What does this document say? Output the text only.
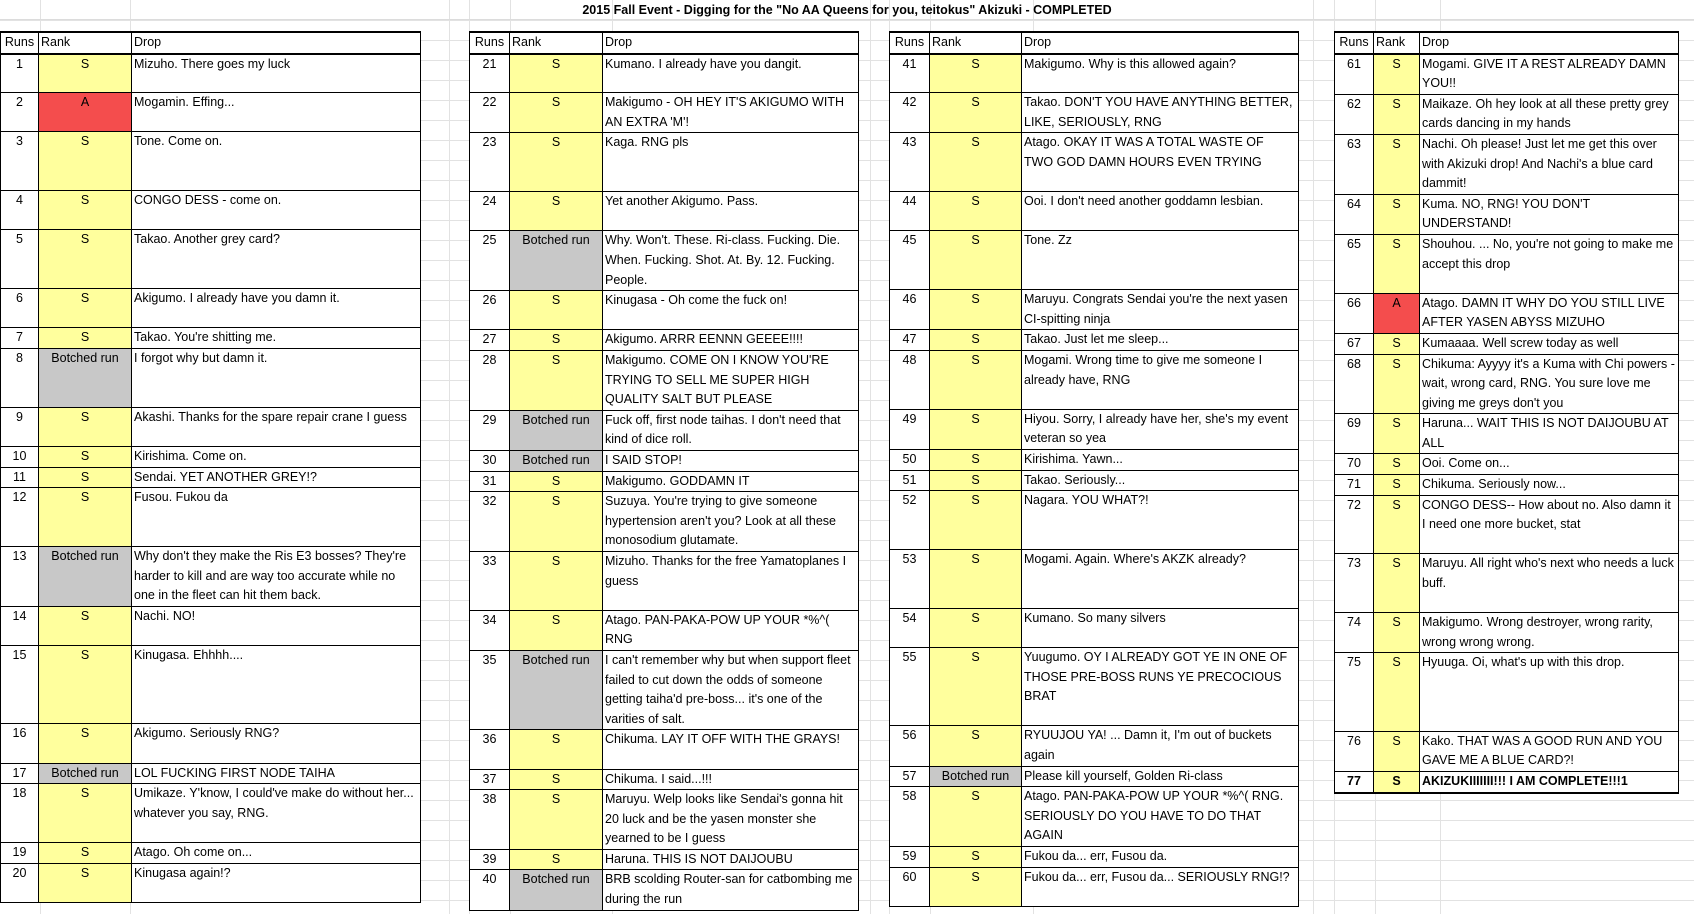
2015 Fall Event - Digging for the "No AA Queens for you, teitokus" Akizuki - COMPLETED
Runs	Rank	Drop
1	S	Mizuho. There goes my luck
2	A	Mogamin. Effing...
3	S	Tone. Come on.
4	S	CONGO DESS - come on.
5	S	Takao. Another grey card?
6	S	Akigumo. I already have you damn it.
7	S	Takao. You're shitting me.
8	Botched run	I forgot why but damn it.
9	S	Akashi. Thanks for the spare repair crane I guess
10	S	Kirishima. Come on.
11	S	Sendai. YET ANOTHER GREY!?
12	S	Fusou. Fukou da
13	Botched run	Why don't they make the Ris E3 bosses? They're harder to kill and are way too accurate while no one in the fleet can hit them back.
14	S	Nachi. NO!
15	S	Kinugasa. Ehhhh....
16	S	Akigumo. Seriously RNG?
17	Botched run	LOL FUCKING FIRST NODE TAIHA
18	S	Umikaze. Y'know, I could've make do without her... whatever you say, RNG.
19	S	Atago. Oh come on...
20	S	Kinugasa again!?
Runs	Rank	Drop
21	S	Kumano. I already have you dangit.
22	S	Makigumo - OH HEY IT'S AKIGUMO WITH AN EXTRA 'M'!
23	S	Kaga. RNG pls
24	S	Yet another Akigumo. Pass.
25	Botched run	Why. Won't. These. Ri-class. Fucking. Die. When. Fucking. Shot. At. By. 12. Fucking. People.
26	S	Kinugasa - Oh come the fuck on!
27	S	Akigumo. ARRR EENNN GEEEE!!!!
28	S	Makigumo. COME ON I KNOW YOU'RE TRYING TO SELL ME SUPER HIGH QUALITY SALT BUT PLEASE
29	Botched run	Fuck off, first node taihas. I don't need that kind of dice roll.
30	Botched run	I SAID STOP!
31	S	Makigumo. GODDAMN IT
32	S	Suzuya. You're trying to give someone hypertension aren't you? Look at all these monosodium glutamate.
33	S	Mizuho. Thanks for the free Yamatoplanes I guess
34	S	Atago. PAN-PAKA-POW UP YOUR *%^( RNG
35	Botched run	I can't remember why but when support fleet failed to cut down the odds of someone getting taiha'd pre-boss... it's one of the varities of salt.
36	S	Chikuma. LAY IT OFF WITH THE GRAYS!
37	S	Chikuma. I said...!!!
38	S	Maruyu. Welp looks like Sendai's gonna hit 20 luck and be the yasen monster she yearned to be I guess
39	S	Haruna. THIS IS NOT DAIJOUBU
40	Botched run	BRB scolding Router-san for catbombing me during the run
Runs	Rank	Drop
41	S	Makigumo. Why is this allowed again?
42	S	Takao. DON'T YOU HAVE ANYTHING BETTER, LIKE, SERIOUSLY, RNG
43	S	Atago. OKAY IT WAS A TOTAL WASTE OF TWO GOD DAMN HOURS EVEN TRYING
44	S	Ooi. I don't need another goddamn lesbian.
45	S	Tone. Zz
46	S	Maruyu. Congrats Sendai you're the next yasen CI-spitting ninja
47	S	Takao. Just let me sleep...
48	S	Mogami. Wrong time to give me someone I already have, RNG
49	S	Hiyou. Sorry, I already have her, she's my event veteran so yea
50	S	Kirishima. Yawn...
51	S	Takao. Seriously...
52	S	Nagara. YOU WHAT?!
53	S	Mogami. Again. Where's AKZK already?
54	S	Kumano. So many silvers
55	S	Yuugumo. OY I ALREADY GOT YE IN ONE OF THOSE PRE-BOSS RUNS YE PRECOCIOUS BRAT
56	S	RYUUJOU YA! ... Damn it, I'm out of buckets again
57	Botched run	Please kill yourself, Golden Ri-class
58	S	Atago. PAN-PAKA-POW UP YOUR *%^( RNG. SERIOUSLY DO YOU HAVE TO DO THAT AGAIN
59	S	Fukou da... err, Fusou da.
60	S	Fukou da... err, Fusou da... SERIOUSLY RNG!?
Runs	Rank	Drop
61	S	Mogami. GIVE IT A REST ALREADY DAMN YOU!!
62	S	Maikaze. Oh hey look at all these pretty grey cards dancing in my hands
63	S	Nachi. Oh please! Just let me get this over with Akizuki drop! And Nachi's a blue card dammit!
64	S	Kuma. NO, RNG! YOU DON'T UNDERSTAND!
65	S	Shouhou. ... No, you're not going to make me accept this drop
66	A	Atago. DAMN IT WHY DO YOU STILL LIVE AFTER YASEN ABYSS MIZUHO
67	S	Kumaaaa. Well screw today as well
68	S	Chikuma: Ayyyy it's a Kuma with Chi powers - wait, wrong card, RNG. You sure love me giving me greys don't you
69	S	Haruna... WAIT THIS IS NOT DAIJOUBU AT ALL
70	S	Ooi. Come on...
71	S	Chikuma. Seriously now...
72	S	CONGO DESS-- How about no. Also damn it I need one more bucket, stat
73	S	Maruyu. All right who's next who needs a luck buff.
74	S	Makigumo. Wrong destroyer, wrong rarity, wrong wrong wrong.
75	S	Hyuuga. Oi, what's up with this drop.
76	S	Kako. THAT WAS A GOOD RUN AND YOU GAVE ME A BLUE CARD?!
77	S	AKIZUKIIIIIII!!! I AM COMPLETE!!!1
